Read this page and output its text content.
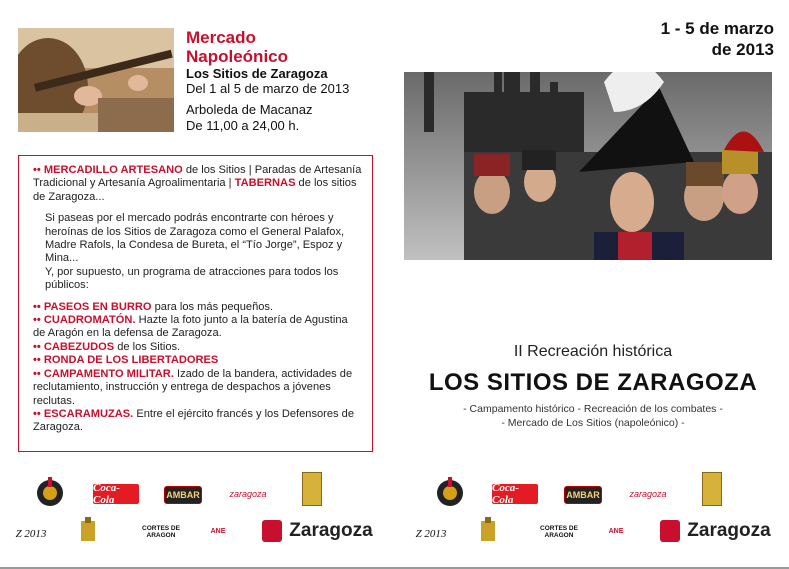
Mercado
Napoleónico
Los Sitios de Zaragoza
Del 1 al 5 de marzo de 2013
Arboleda de Macanaz
De 11,00 a 24,00 h.

•• MERCADILLO ARTESANO de los Sitios | Paradas de Artesanía Tradicional y Artesanía Agroalimentaria | TABERNAS de los sitios de Zaragoza...

Si paseas por el mercado podrás encontrarte con héroes y heroínas de los Sitios de Zaragoza como el General Palafox, Madre Rafols, la Condesa de Bureta, el “Tío Jorge”, Espoz y Mina...

Y, por supuesto, un programa de atracciones para todos los públicos:

•• PASEOS EN BURRO para los más pequeños.

•• CUADROMATÓN. Hazte la foto junto a la batería de Agustina de Aragón en la defensa de Zaragoza.

•• CABEZUDOS de los Sitios.

•• RONDA DE LOS LIBERTADORES

•• CAMPAMENTO MILITAR. Izado de la bandera, actividades de reclutamiento, instrucción y entrega de despachos a jóvenes reclutas.

•• ESCARAMUZAS. Entre el ejército francés y los Defensores de Zaragoza.

Coca-Cola	AMBAR	zaragoza
Z 2013	CORTES DE ARAGON
ANE	Zaragoza
1 - 5 de marzo
de 2013
II Recreación histórica
LOS SITIOS DE ZARAGOZA
- Campamento histórico - Recreación de los combates -
- Mercado de Los Sitios (napoleónico) -
Coca-Cola	AMBAR	zaragoza
Z 2013	CORTES DE ARAGON
ANE	Zaragoza
